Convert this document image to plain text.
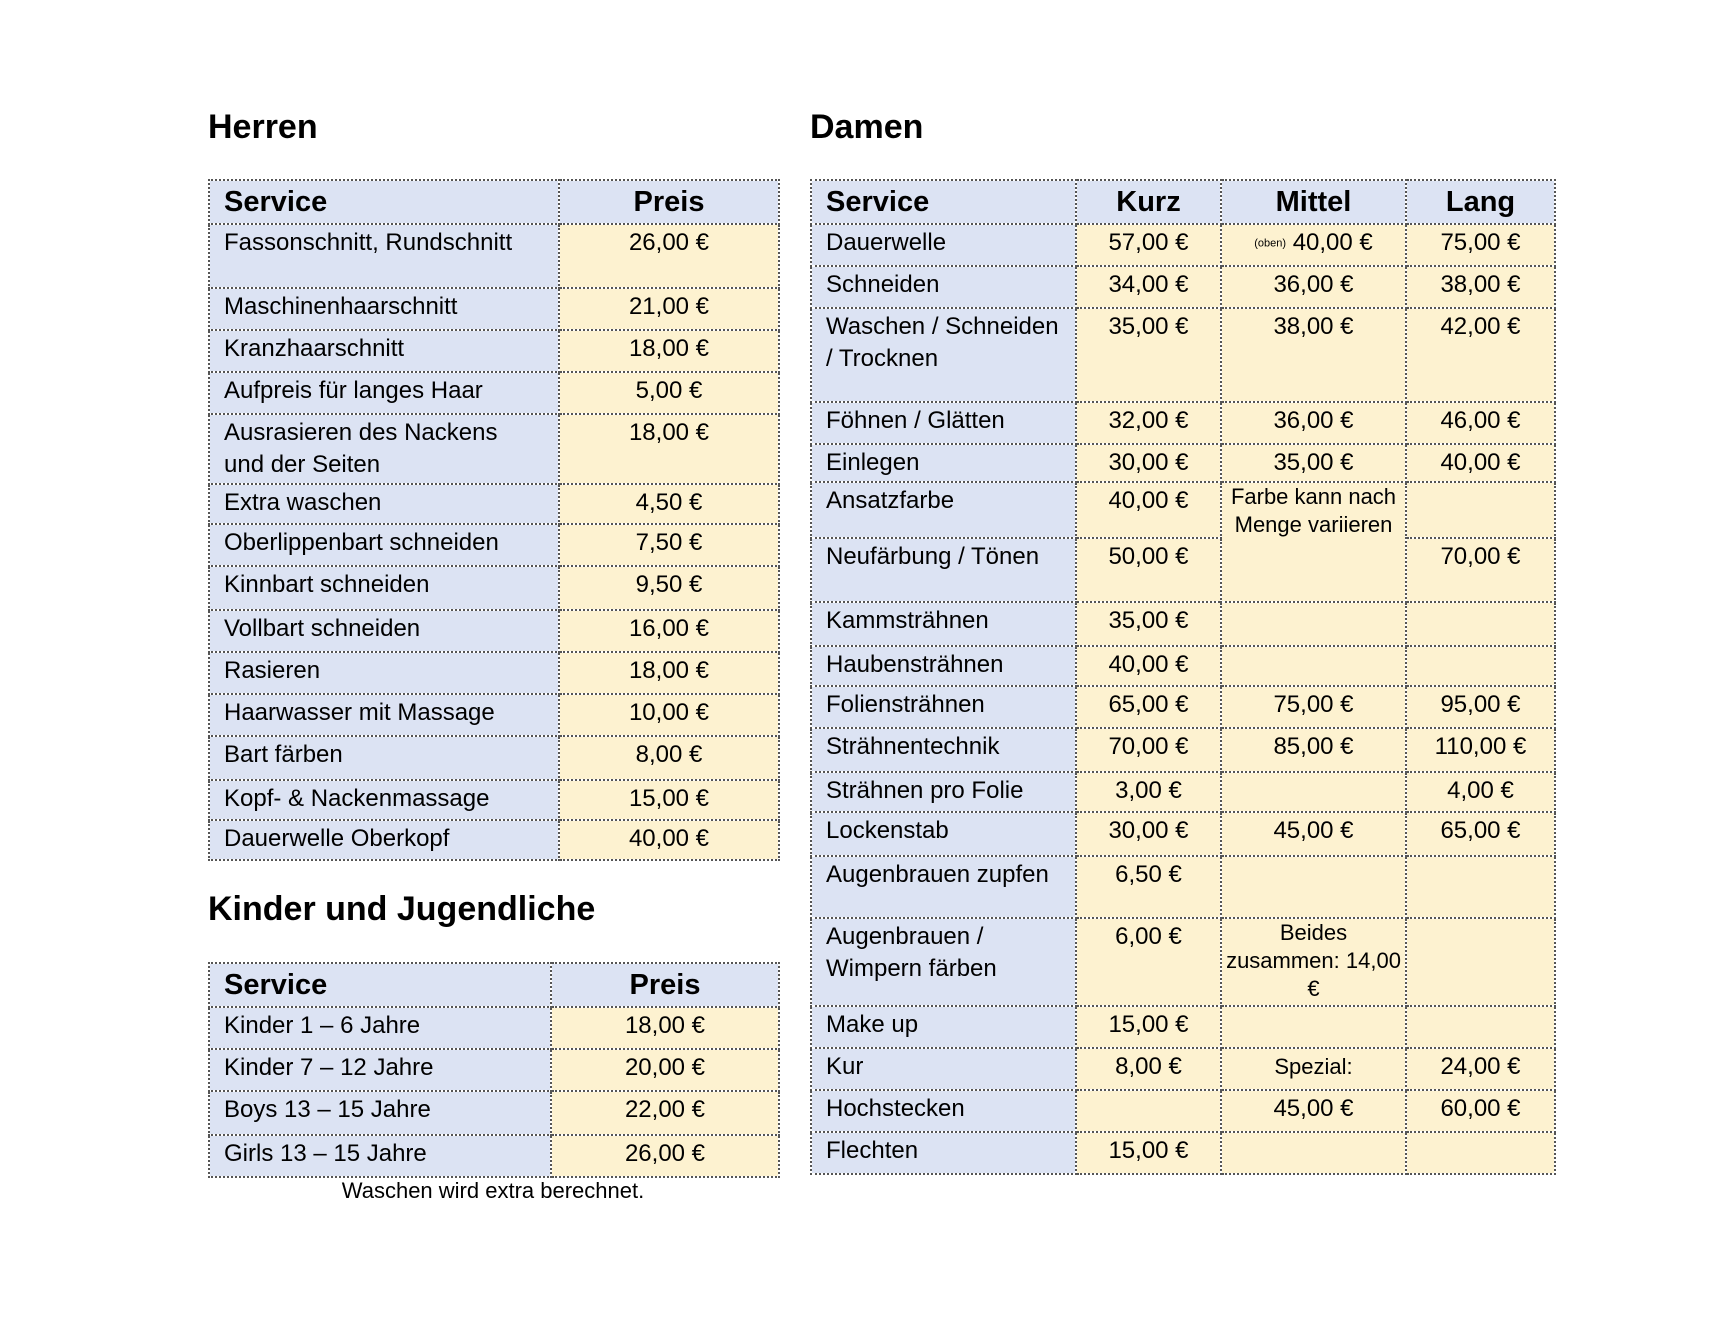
Herren
Service	Preis
Fassonschnitt, Rundschnitt	26,00 €
Maschinenhaarschnitt	21,00 €
Kranzhaarschnitt	18,00 €
Aufpreis für langes Haar	5,00 €
Ausrasieren des Nackens und der Seiten	18,00 €
Extra waschen	4,50 €
Oberlippenbart schneiden	7,50 €
Kinnbart schneiden	9,50 €
Vollbart schneiden	16,00 €
Rasieren	18,00 €
Haarwasser mit Massage	10,00 €
Bart färben	8,00 €
Kopf- & Nackenmassage	15,00 €
Dauerwelle Oberkopf	40,00 €
Kinder und Jugendliche
Service	Preis
Kinder 1 – 6 Jahre	18,00 €
Kinder 7 – 12 Jahre	20,00 €
Boys 13 – 15 Jahre	22,00 €
Girls 13 – 15 Jahre	26,00 €

Waschen wird extra berechnet.

Damen
Service	Kurz	Mittel	Lang
Dauerwelle	57,00 €	(oben) 40,00 €	75,00 €
Schneiden	34,00 €	36,00 €	38,00 €
Waschen / Schneiden / Trocknen	35,00 €	38,00 €	42,00 €
Föhnen / Glätten	32,00 €	36,00 €	46,00 €
Einlegen	30,00 €	35,00 €	40,00 €
Ansatzfarbe	40,00 €	Farbe kann nach Menge variieren	
Neufärbung / Tönen	50,00 €		70,00 €
Kammsträhnen	35,00 €		
Haubensträhnen	40,00 €		
Foliensträhnen	65,00 €	75,00 €	95,00 €
Strähnentechnik	70,00 €	85,00 €	110,00 €
Strähnen pro Folie	3,00 €		4,00 €
Lockenstab	30,00 €	45,00 €	65,00 €
Augenbrauen zupfen	6,50 €		
Augenbrauen / Wimpern färben	6,00 €	Beides zusammen: 14,00 €	
Make up	15,00 €		
Kur	8,00 €	Spezial:	24,00 €
Hochstecken		45,00 €	60,00 €
Flechten	15,00 €		
